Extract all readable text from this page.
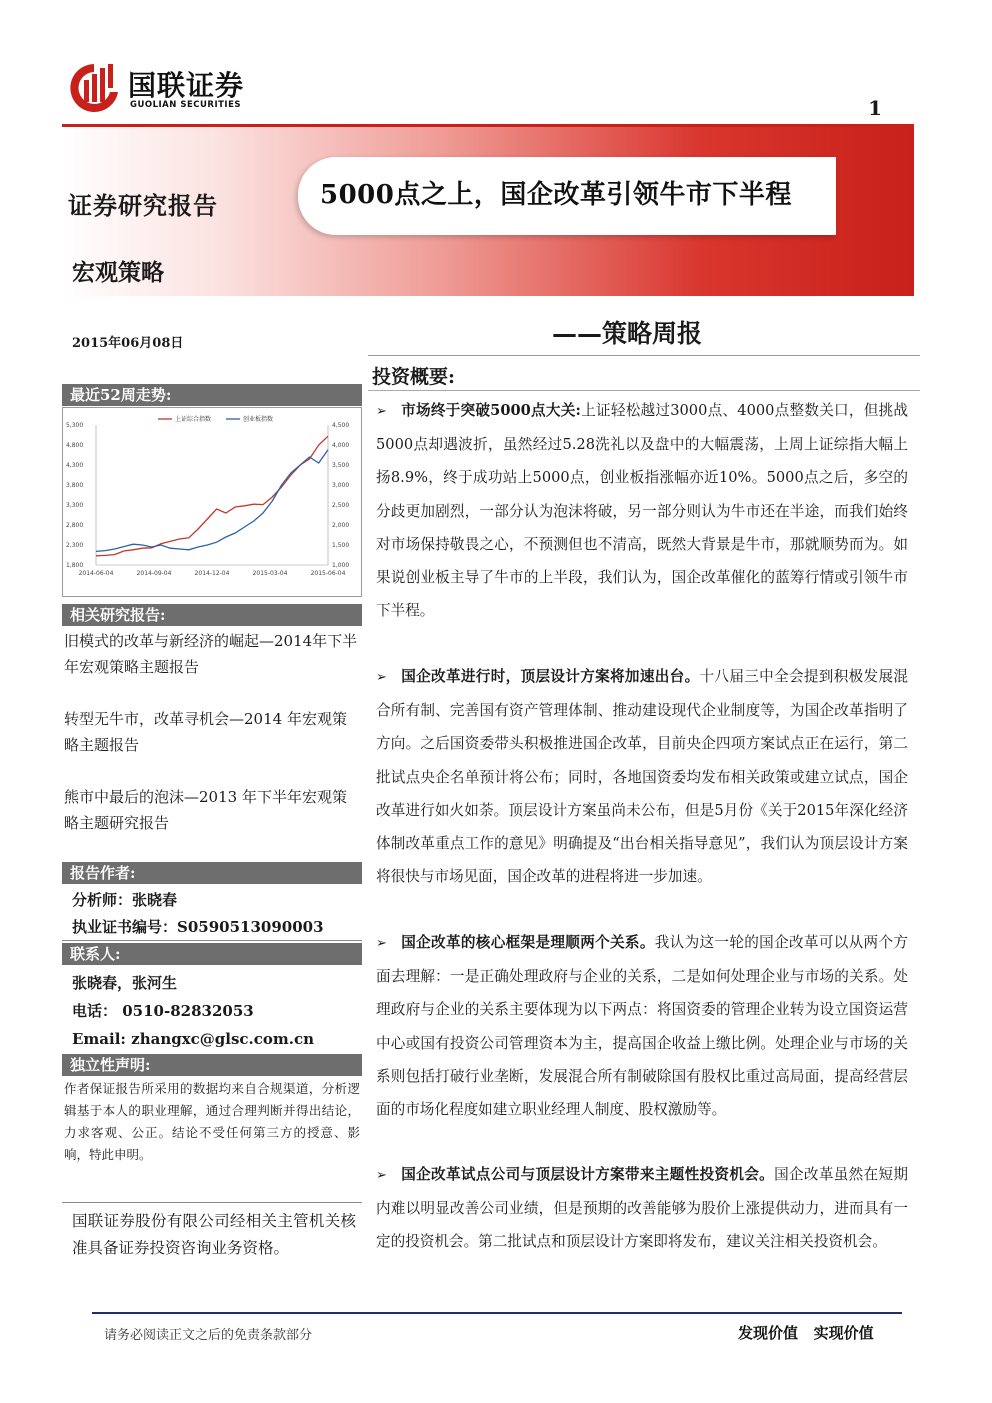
国联证券
GUOLIAN SECURITIES	1
证券研究报告
宏观策略
5000点之上，国企改革引领牛市下半程
2015年06月08日	——策略周报
最近52周走势:
上证综合指数	创业板指数
1,800
2,300
2,800
3,300
3,800
4,300
4,800
5,300
1,000
1,500
2,000
2,500
3,000
3,500
4,000
4,500
2014-06-04	2014-09-04	2014-12-04	2015-03-04	2015-06-04
相关研究报告:
旧模式的改革与新经济的崛起—2014年下半年宏观策略主题报告
转型无牛市，改革寻机会—2014 年宏观策略主题报告
熊市中最后的泡沫—2013 年下半年宏观策略主题研究报告
报告作者:
分析师：张晓春
执业证书编号：S0590513090003
联系人:
张晓春，张河生
电话： 0510-82832053
Email: zhangxc@glsc.com.cn
独立性声明:
作者保证报告所采用的数据均来自合规渠道，分析逻辑基于本人的职业理解，通过合理判断并得出结论，力求客观、公正。结论不受任何第三方的授意、影响，特此申明。
国联证券股份有限公司经相关主管机关核准具备证券投资咨询业务资格。
投资概要:
➢ 市场终于突破5000点大关:上证轻松越过3000点、4000点整数关口，但挑战5000点却遇波折，虽然经过5.28洗礼以及盘中的大幅震荡，上周上证综指大幅上扬8.9%，终于成功站上5000点，创业板指涨幅亦近10%。5000点之后，多空的分歧更加剧烈，一部分认为泡沫将破，另一部分则认为牛市还在半途，而我们始终对市场保持敬畏之心，不预测但也不清高，既然大背景是牛市，那就顺势而为。如果说创业板主导了牛市的上半段，我们认为，国企改革催化的蓝筹行情或引领牛市下半程。
➢ 国企改革进行时，顶层设计方案将加速出台。十八届三中全会提到积极发展混合所有制、完善国有资产管理体制、推动建设现代企业制度等，为国企改革指明了方向。之后国资委带头积极推进国企改革，目前央企四项方案试点正在运行，第二批试点央企名单预计将公布；同时，各地国资委均发布相关政策或建立试点，国企改革进行如火如荼。顶层设计方案虽尚未公布，但是5月份《关于2015年深化经济体制改革重点工作的意见》明确提及“出台相关指导意见”，我们认为顶层设计方案将很快与市场见面，国企改革的进程将进一步加速。
➢ 国企改革的核心框架是理顺两个关系。我认为这一轮的国企改革可以从两个方面去理解：一是正确处理政府与企业的关系，二是如何处理企业与市场的关系。处理政府与企业的关系主要体现为以下两点：将国资委的管理企业转为设立国资运营中心或国有投资公司管理资本为主，提高国企收益上缴比例。处理企业与市场的关系则包括打破行业垄断，发展混合所有制破除国有股权比重过高局面，提高经营层面的市场化程度如建立职业经理人制度、股权激励等。
➢ 国企改革试点公司与顶层设计方案带来主题性投资机会。国企改革虽然在短期内难以明显改善公司业绩，但是预期的改善能够为股价上涨提供动力，进而具有一定的投资机会。第二批试点和顶层设计方案即将发布，建议关注相关投资机会。
请务必阅读正文之后的免责条款部分	发现价值   实现价值
